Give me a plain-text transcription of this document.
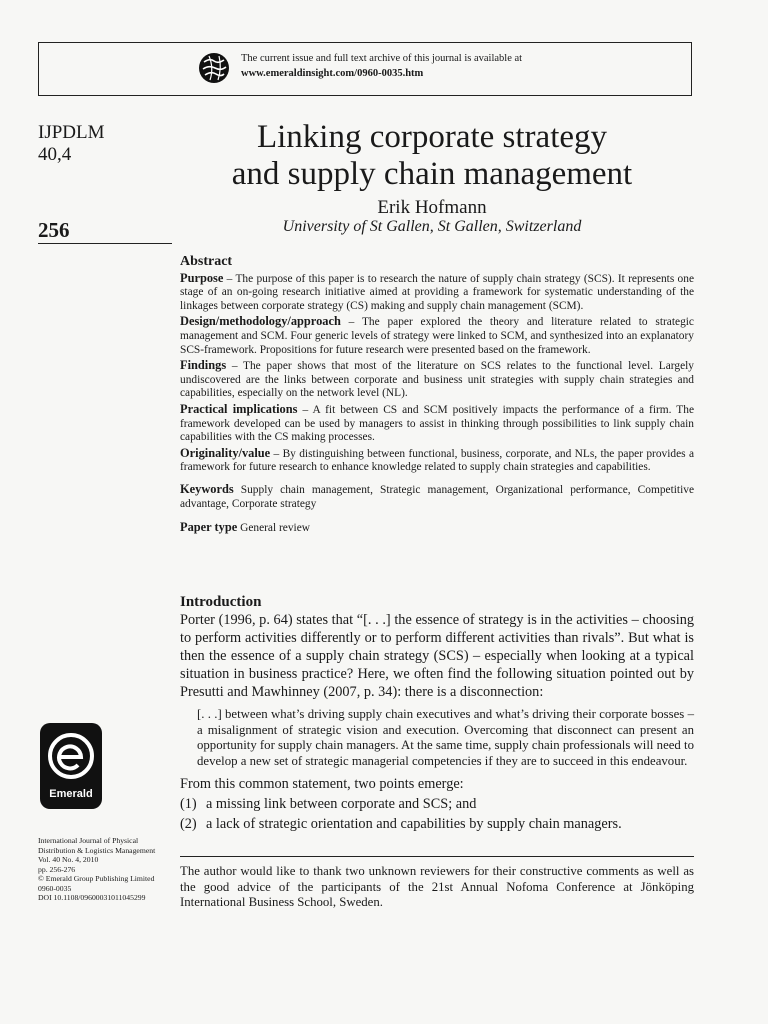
The current issue and full text archive of this journal is available at
www.emeraldinsight.com/0960-0035.htm
IJPDLM
40,4
256
Linking corporate strategy
and supply chain management
Erik Hofmann
University of St Gallen, St Gallen, Switzerland
Abstract

Purpose – The purpose of this paper is to research the nature of supply chain strategy (SCS). It represents one stage of an on-going research initiative aimed at providing a framework for systematic understanding of the linkages between corporate strategy (CS) making and supply chain management (SCM).

Design/methodology/approach – The paper explored the theory and literature related to strategic management and SCM. Four generic levels of strategy were linked to SCM, and synthesized into an explanatory SCS-framework. Propositions for future research were presented based on the framework.

Findings – The paper shows that most of the literature on SCS relates to the functional level. Largely undiscovered are the links between corporate and business unit strategies with supply chain strategies and capabilities, especially on the network level (NL).

Practical implications – A fit between CS and SCM positively impacts the performance of a firm. The framework developed can be used by managers to assist in thinking through possibilities to link supply chain capabilities with the CS making processes.

Originality/value – By distinguishing between functional, business, corporate, and NLs, the paper provides a framework for future research to enhance knowledge related to supply chain strategies and capabilities.

Keywords Supply chain management, Strategic management, Organizational performance, Competitive advantage, Corporate strategy

Paper type General review

Introduction

Porter (1996, p. 64) states that “[. . .] the essence of strategy is in the activities – choosing to perform activities differently or to perform different activities than rivals”. But what is then the essence of a supply chain strategy (SCS) – especially when looking at a typical situation in business practice? Here, we often find the following situation pointed out by Presutti and Mawhinney (2007, p. 34): there is a disconnection:

[. . .] between what’s driving supply chain executives and what’s driving their corporate bosses – a misalignment of strategic vision and execution. Overcoming that disconnect can present an opportunity for supply chain managers. At the same time, supply chain professionals will need to develop a new set of strategic managerial competencies if they are to succeed in this endeavour.

From this common statement, two points emerge:

(1) a missing link between corporate and SCS; and
(2) a lack of strategic orientation and capabilities by supply chain managers.
The author would like to thank two unknown reviewers for their constructive comments as well as the good advice of the participants of the 21st Annual Nofoma Conference at Jönköping International Business School, Sweden.
Emerald
International Journal of Physical
Distribution & Logistics Management
Vol. 40 No. 4, 2010
pp. 256-276
© Emerald Group Publishing Limited
0960-0035
DOI 10.1108/09600031011045299
